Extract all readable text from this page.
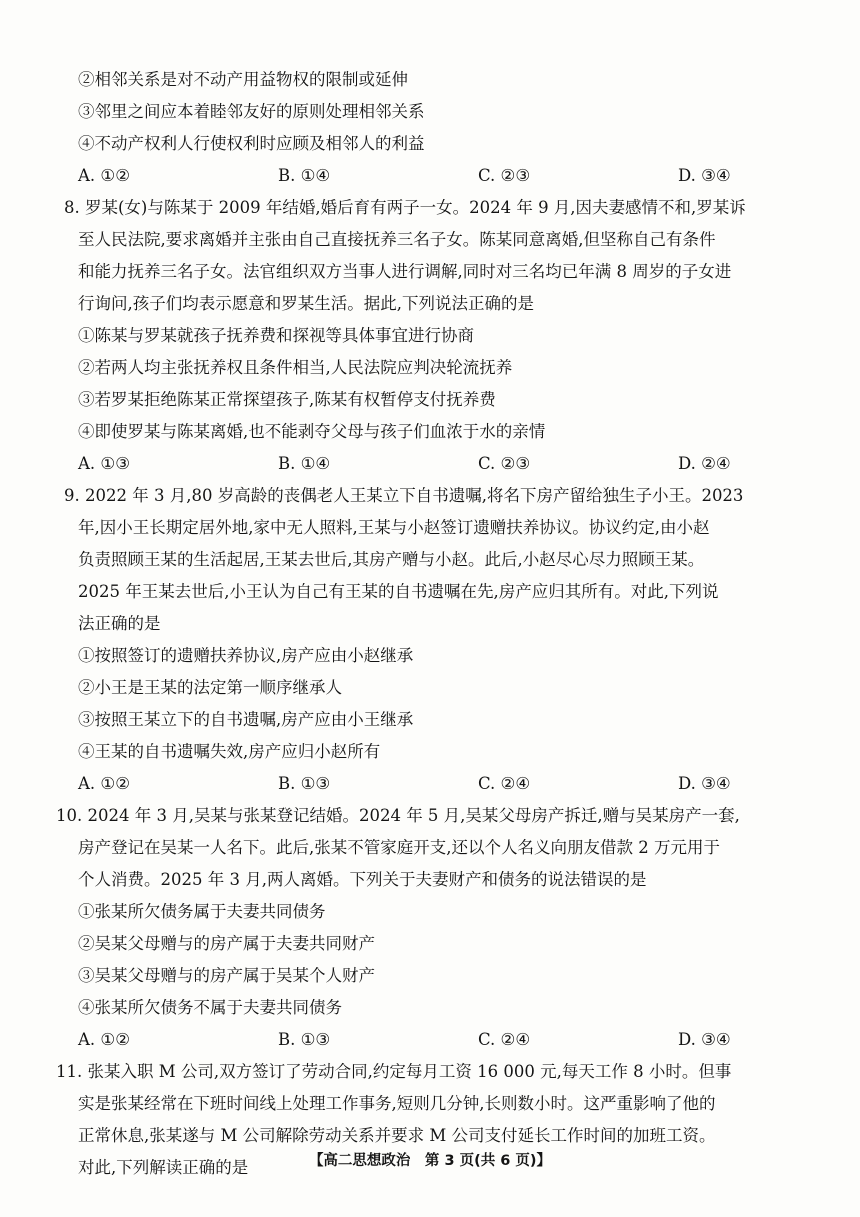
②相邻关系是对不动产用益物权的限制或延伸
③邻里之间应本着睦邻友好的原则处理相邻关系
④不动产权利人行使权利时应顾及相邻人的利益
A. ①②	B. ①④	C. ②③	D. ③④
8. 罗某(女)与陈某于 2009 年结婚,婚后育有两子一女。2024 年 9 月,因夫妻感情不和,罗某诉
至人民法院,要求离婚并主张由自己直接抚养三名子女。陈某同意离婚,但坚称自己有条件
和能力抚养三名子女。法官组织双方当事人进行调解,同时对三名均已年满 8 周岁的子女进
行询问,孩子们均表示愿意和罗某生活。据此,下列说法正确的是
①陈某与罗某就孩子抚养费和探视等具体事宜进行协商
②若两人均主张抚养权且条件相当,人民法院应判决轮流抚养
③若罗某拒绝陈某正常探望孩子,陈某有权暂停支付抚养费
④即使罗某与陈某离婚,也不能剥夺父母与孩子们血浓于水的亲情
A. ①③	B. ①④	C. ②③	D. ②④
9. 2022 年 3 月,80 岁高龄的丧偶老人王某立下自书遗嘱,将名下房产留给独生子小王。2023
年,因小王长期定居外地,家中无人照料,王某与小赵签订遗赠扶养协议。协议约定,由小赵
负责照顾王某的生活起居,王某去世后,其房产赠与小赵。此后,小赵尽心尽力照顾王某。
2025 年王某去世后,小王认为自己有王某的自书遗嘱在先,房产应归其所有。对此,下列说
法正确的是
①按照签订的遗赠扶养协议,房产应由小赵继承
②小王是王某的法定第一顺序继承人
③按照王某立下的自书遗嘱,房产应由小王继承
④王某的自书遗嘱失效,房产应归小赵所有
A. ①②	B. ①③	C. ②④	D. ③④
10. 2024 年 3 月,吴某与张某登记结婚。2024 年 5 月,吴某父母房产拆迁,赠与吴某房产一套,
房产登记在吴某一人名下。此后,张某不管家庭开支,还以个人名义向朋友借款 2 万元用于
个人消费。2025 年 3 月,两人离婚。下列关于夫妻财产和债务的说法错误的是
①张某所欠债务属于夫妻共同债务
②吴某父母赠与的房产属于夫妻共同财产
③吴某父母赠与的房产属于吴某个人财产
④张某所欠债务不属于夫妻共同债务
A. ①②	B. ①③	C. ②④	D. ③④
11. 张某入职 M 公司,双方签订了劳动合同,约定每月工资 16 000 元,每天工作 8 小时。但事
实是张某经常在下班时间线上处理工作事务,短则几分钟,长则数小时。这严重影响了他的
正常休息,张某遂与 M 公司解除劳动关系并要求 M 公司支付延长工作时间的加班工资。
对此,下列解读正确的是	【高二思想政治　第 3 页(共 6 页)】
